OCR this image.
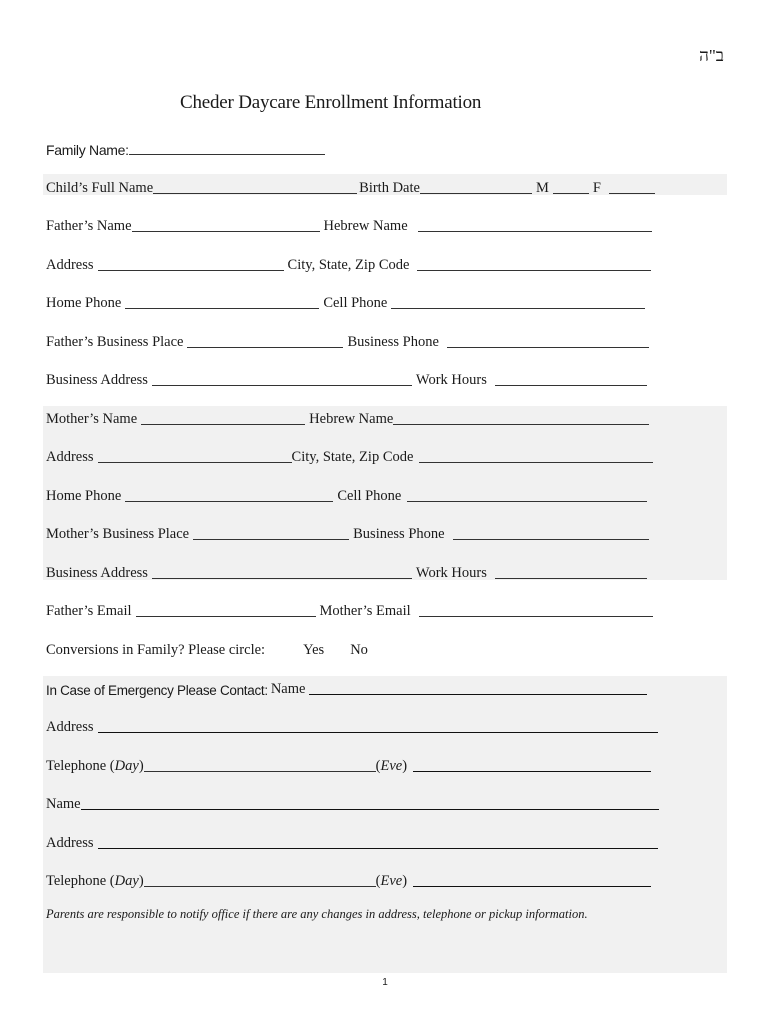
ב"ה
Cheder Daycare Enrollment Information
Family Name:
Child’s Full Name	Birth Date	M	F
Father’s Name	Hebrew Name
Address	City, State, Zip Code
Home Phone	Cell Phone
Father’s Business Place	Business Phone
Business Address	Work Hours
Mother’s Name	Hebrew Name
Address	City, State, Zip Code
Home Phone	Cell Phone
Mother’s Business Place	Business Phone
Business Address	Work Hours
Father’s Email	Mother’s Email
Conversions in Family? Please circle:	Yes No
In Case of Emergency Please Contact: Name
Address
Telephone ( Day )	( Eve )
Name
Address
Telephone ( Day )	( Eve )
Parents are responsible to notify office if there are any changes in address, telephone or pickup information.
1
